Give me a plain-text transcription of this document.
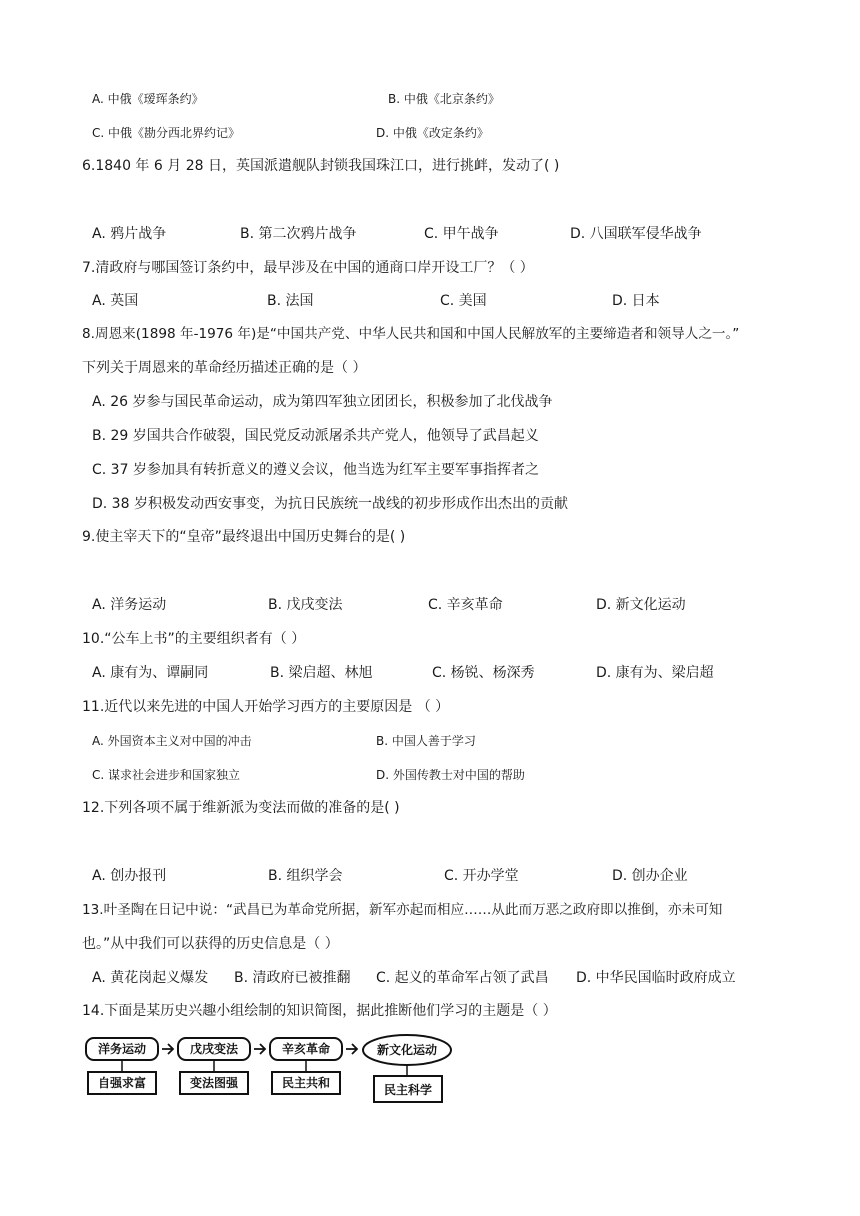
A. 中俄《瑷珲条约》	B. 中俄《北京条约》
C. 中俄《勘分西北界约记》	D. 中俄《改定条约》
6.1840 年 6 月 28 日，英国派遣舰队封锁我国珠江口，进行挑衅，发动了( )
A. 鸦片战争	B. 第二次鸦片战争	C. 甲午战争	D. 八国联军侵华战争
7.清政府与哪国签订条约中，最早涉及在中国的通商口岸开设工厂？（ ）
A. 英国	B. 法国	C. 美国	D. 日本
8.周恩来(1898 年-1976 年)是“中国共产党、中华人民共和国和中国人民解放军的主要缔造者和领导人之一。”
下列关于周恩来的革命经历描述正确的是（ ）
A. 26 岁参与国民革命运动，成为第四军独立团团长，积极参加了北伐战争
B. 29 岁国共合作破裂，国民党反动派屠杀共产党人，他领导了武昌起义
C. 37 岁参加具有转折意义的遵义会议，他当选为红军主要军事指挥者之
D. 38 岁积极发动西安事变，为抗日民族统一战线的初步形成作出杰出的贡献
9.使主宰天下的“皇帝”最终退出中国历史舞台的是( )
A. 洋务运动	B. 戊戌变法	C. 辛亥革命	D. 新文化运动
10.“公车上书”的主要组织者有（ ）
A. 康有为、谭嗣同	B. 梁启超、林旭	C. 杨锐、杨深秀	D. 康有为、梁启超
11.近代以来先进的中国人开始学习西方的主要原因是 （ ）
A. 外国资本主义对中国的冲击	B. 中国人善于学习
C. 谋求社会进步和国家独立	D. 外国传教士对中国的帮助
12.下列各项不属于维新派为变法而做的准备的是( )
A. 创办报刊	B. 组织学会	C. 开办学堂	D. 创办企业
13.叶圣陶在日记中说：“武昌已为革命党所据，新军亦起而相应……从此而万恶之政府即以推倒，亦未可知
也。”从中我们可以获得的历史信息是（ ）
A. 黄花岗起义爆发 B. 清政府已被推翻 C. 起义的革命军占领了武昌 D. 中华民国临时政府成立
14.下面是某历史兴趣小组绘制的知识简图，据此推断他们学习的主题是（ ）
洋务运动	戊戌变法	辛亥革命	新文化运动
自强求富	变法图强	民主共和	民主科学
